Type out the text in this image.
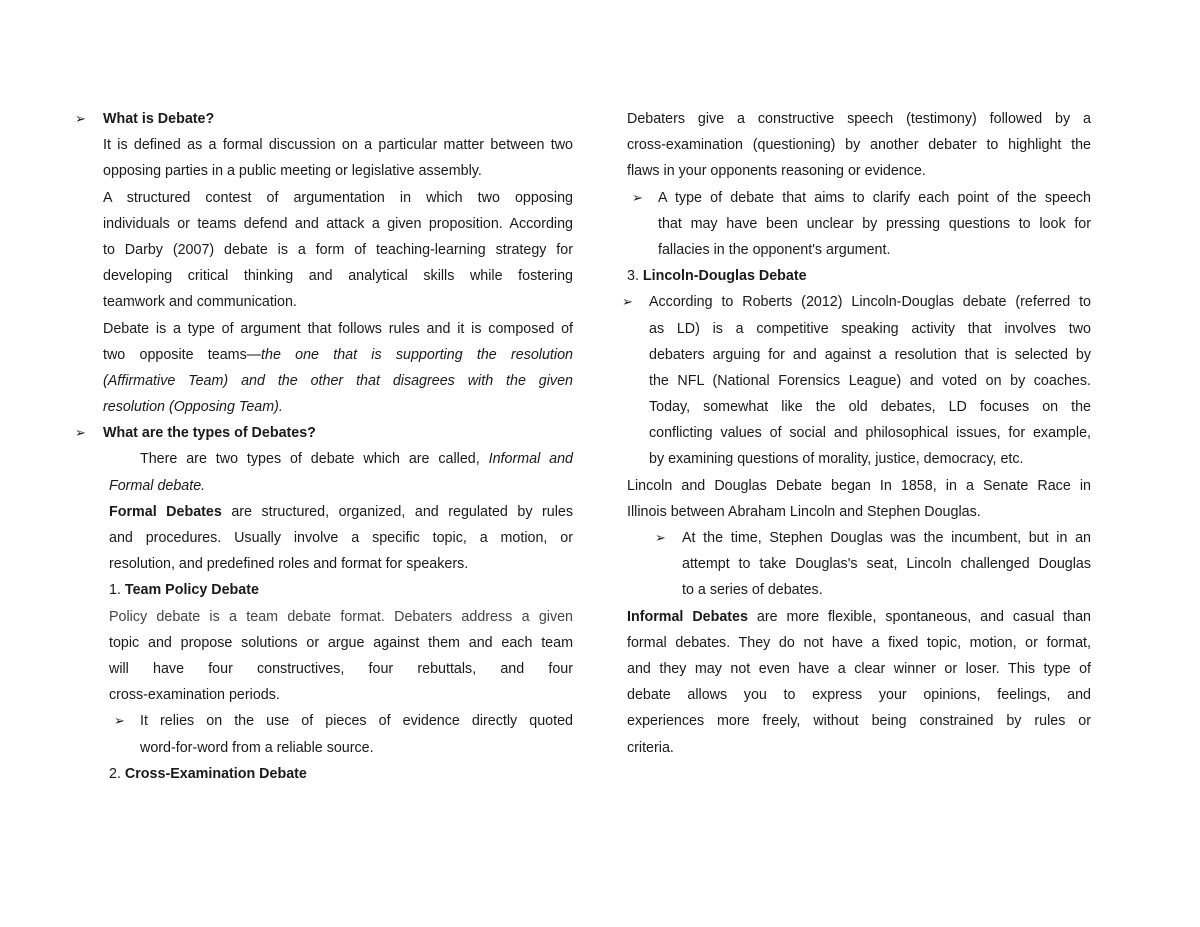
➢ What is Debate?
It is defined as a formal discussion on a particular matter between two
opposing parties in a public meeting or legislative assembly.
A structured contest of argumentation in which two opposing
individuals or teams defend and attack a given proposition. According
to Darby (2007) debate is a form of teaching-learning strategy for
developing critical thinking and analytical skills while fostering
teamwork and communication.
Debate is a type of argument that follows rules and it is composed of
two opposite teams—the one that is supporting the resolution
(Affirmative Team) and the other that disagrees with the given
resolution (Opposing Team).
➢ What are the types of Debates?
There are two types of debate which are called, Informal and
Formal debate.
Formal Debates are structured, organized, and regulated by rules
and procedures. Usually involve a specific topic, a motion, or
resolution, and predefined roles and format for speakers.
1. Team Policy Debate
Policy debate is a team debate format. Debaters address a given
topic and propose solutions or argue against them and each team
will have four constructives, four rebuttals, and four
cross-examination periods.
➢ It relies on the use of pieces of evidence directly quoted
word-for-word from a reliable source.
2. Cross-Examination Debate
Debaters give a constructive speech (testimony) followed by a
cross-examination (questioning) by another debater to highlight the
flaws in your opponents reasoning or evidence.
➢ A type of debate that aims to clarify each point of the speech
that may have been unclear by pressing questions to look for
fallacies in the opponent's argument.
3. Lincoln-Douglas Debate
➢ According to Roberts (2012) Lincoln-Douglas debate (referred to
as LD) is a competitive speaking activity that involves two
debaters arguing for and against a resolution that is selected by
the NFL (National Forensics League) and voted on by coaches.
Today, somewhat like the old debates, LD focuses on the
conflicting values of social and philosophical issues, for example,
by examining questions of morality, justice, democracy, etc.
Lincoln and Douglas Debate began In 1858, in a Senate Race in
Illinois between Abraham Lincoln and Stephen Douglas.
➢ At the time, Stephen Douglas was the incumbent, but in an
attempt to take Douglas's seat, Lincoln challenged Douglas
to a series of debates.
Informal Debates are more flexible, spontaneous, and casual than
formal debates. They do not have a fixed topic, motion, or format,
and they may not even have a clear winner or loser. This type of
debate allows you to express your opinions, feelings, and
experiences more freely, without being constrained by rules or
criteria.
